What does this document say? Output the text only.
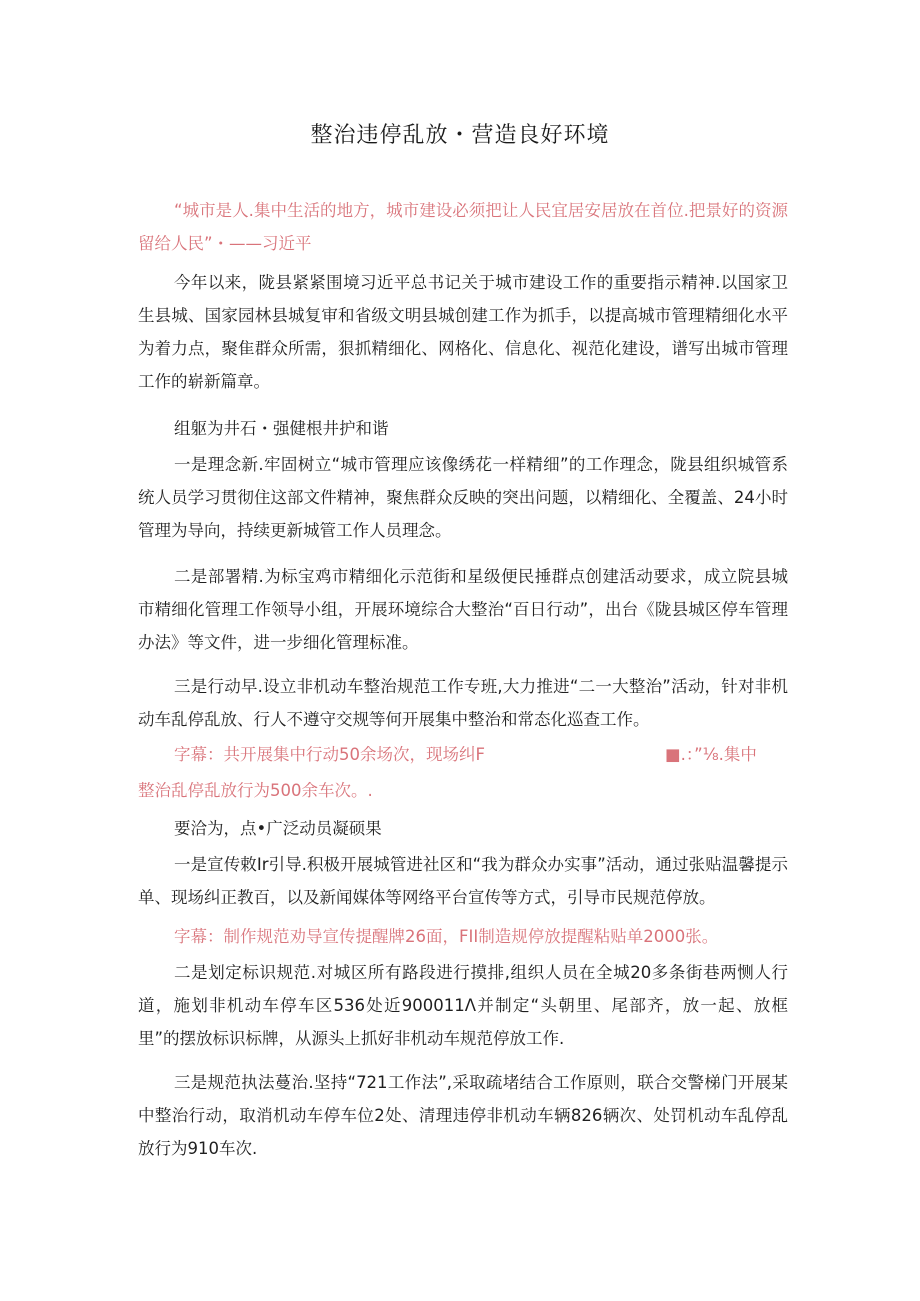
整治违停乱放・营造良好环境
“城市是人.集中生活的地方，城市建设必须把让人民宜居安居放在首位.把景好的资源留给人民”・——习近平
今年以来，陇县紧紧围境习近平总书记关于城市建设工作的重要指示精神.以国家卫生县城、国家园林县城复审和省级文明县城创建工作为抓手，以提高城市管理精细化水平为着力点，聚隹群众所需，狠抓精细化、网格化、信息化、视范化建设，谱写出城市管理工作的崭新篇章。
组躯为井石・强健根井护和谐
一是理念新.牢固树立“城市管理应该像绣花一样精细”的工作理念，陇县组织城管系统人员学习贯彻住这部文件精神，聚焦群众反映的突出问题，以精细化、全覆盖、24小时管理为导向，持续更新城管工作人员理念。
二是部署精.为标宝鸡市精细化示范街和星级便民捶群点创建活动要求，成立院县城市精细化管理工作领导小组，开展环境综合大整治“百日行动”，出台《陇县城区停车管理办法》等文件，进一步细化管理标准。
三是行动早.设立非机动车整治规范工作专班,大力推进“二一大整治”活动，针对非机动车乱停乱放、行人不遵守交规等何开展集中整治和常态化巡查工作。
字幕：共开展集中行动50余场次，现场纠F	■.：”⅛.集中
整治乱停乱放行为500余车次。.
要洽为，点•广泛动员凝硕果
一是宣传敕Ir引导.积极开展城管进社区和“我为群众办实事”活动，通过张贴温馨提示单、现场纠正教百，以及新闻媒体等网络平台宣传等方式，引导市民规范停放。
字幕：制作规范劝导宣传提醒牌26面，FII制造规停放提醒粘贴单2000张。
二是划定标识规范.对城区所有路段进行摸排,组织人员在全城20多条街巷两恻人行道，施划非机动车停车区536处近900011Λ并制定“头朝里、尾部齐，放一起、放框里”的摆放标识标牌，从源头上抓好非机动车规范停放工作.
三是规范执法蔓治.坚持“721工作法”,采取疏堵结合工作原则，联合交警梯门开展某中整治行动，取消机动车停车位2处、清理违停非机动车辆826辆次、处罚机动车乱停乱放行为910车次.
